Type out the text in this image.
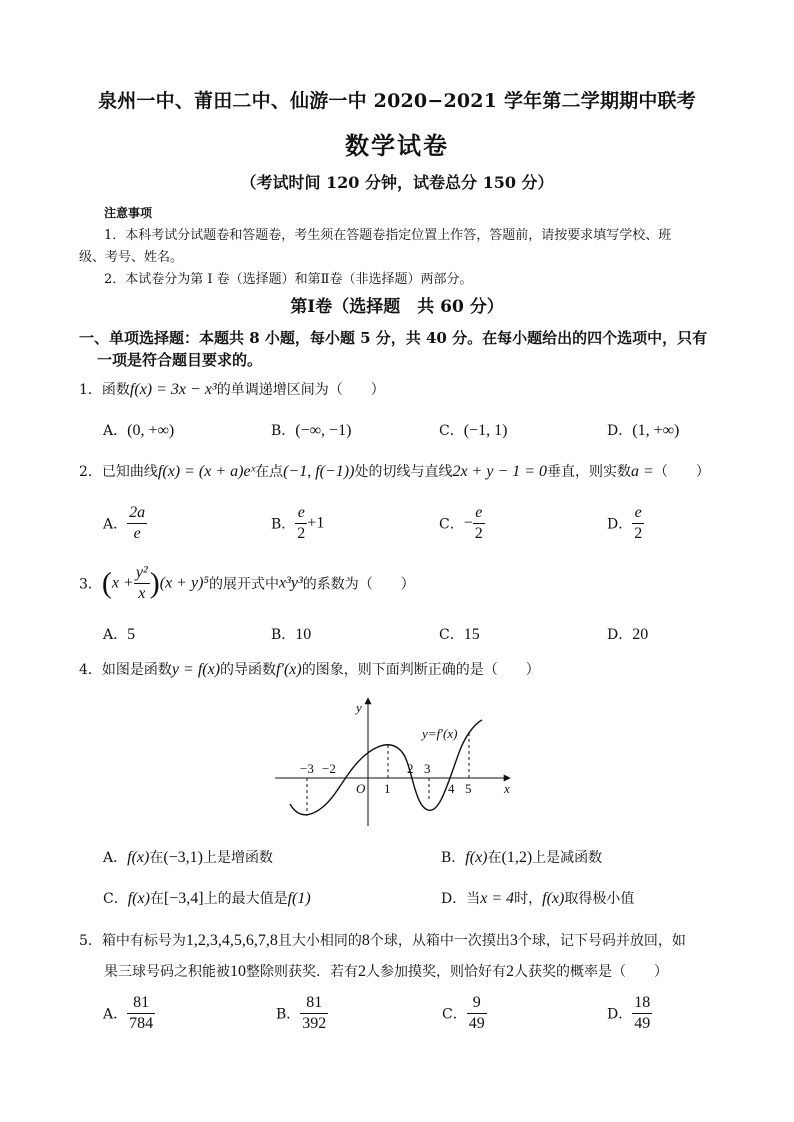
泉州一中、莆田二中、仙游一中 2020−2021 学年第二学期期中联考
数学试卷
（考试时间 120 分钟，试卷总分 150 分）
注意事项
1．本科考试分试题卷和答题卷，考生须在答题卷指定位置上作答，答题前，请按要求填写学校、班
级、考号、姓名。
2．本试卷分为第 I 卷（选择题）和第Ⅱ卷（非选择题）两部分。
第Ⅰ卷（选择题　共 60 分）
一、单项选择题：本题共 8 小题，每小题 5 分，共 40 分。在每小题给出的四个选项中，只有
一项是符合题目要求的。
1．函数f(x) = 3x − x³的单调递增区间为（　　）
A．(0, +∞)	B．(−∞, −1)	C．(−1, 1)	D．(1, +∞)
2．已知曲线f(x) = (x + a)eˣ在点(−1, f(−1))处的切线与直线2x + y − 1 = 0垂直，则实数a =（　　）
A． $\frac{2a}{e}$	B． $\frac{e}{2} +1$	C．− $\frac{e}{2}$	D． $\frac{e}{2}$
3．$(x + \frac{\text{y²}}{x} )(x + y)^5$的展开式中x³y³的系数为（　　）
A．5	B．10	C．15	D．20
4．如图是函数y = f(x)的导函数f′(x)的图象，则下面判断正确的是（　　）
y
x
O
y=f′(x)
−3 −2
1
2 3
4 5
A．f(x)在(−3,1)上是增函数	B．f(x)在(1,2)上是减函数
C．f(x)在[−3,4]上的最大值是f(1)	D．当x = 4时，f(x)取得极小值
5．箱中有标号为1,2,3,4,5,6,7,8且大小相同的8个球，从箱中一次摸出3个球，记下号码并放回，如
果三球号码之积能被10整除则获奖．若有2人参加摸奖，则恰好有2人获奖的概率是（　　）
A． $\frac{81}{784}$	B． $\frac{81}{392}$	C． $\frac{9}{49}$	D． $\frac{18}{49}$
